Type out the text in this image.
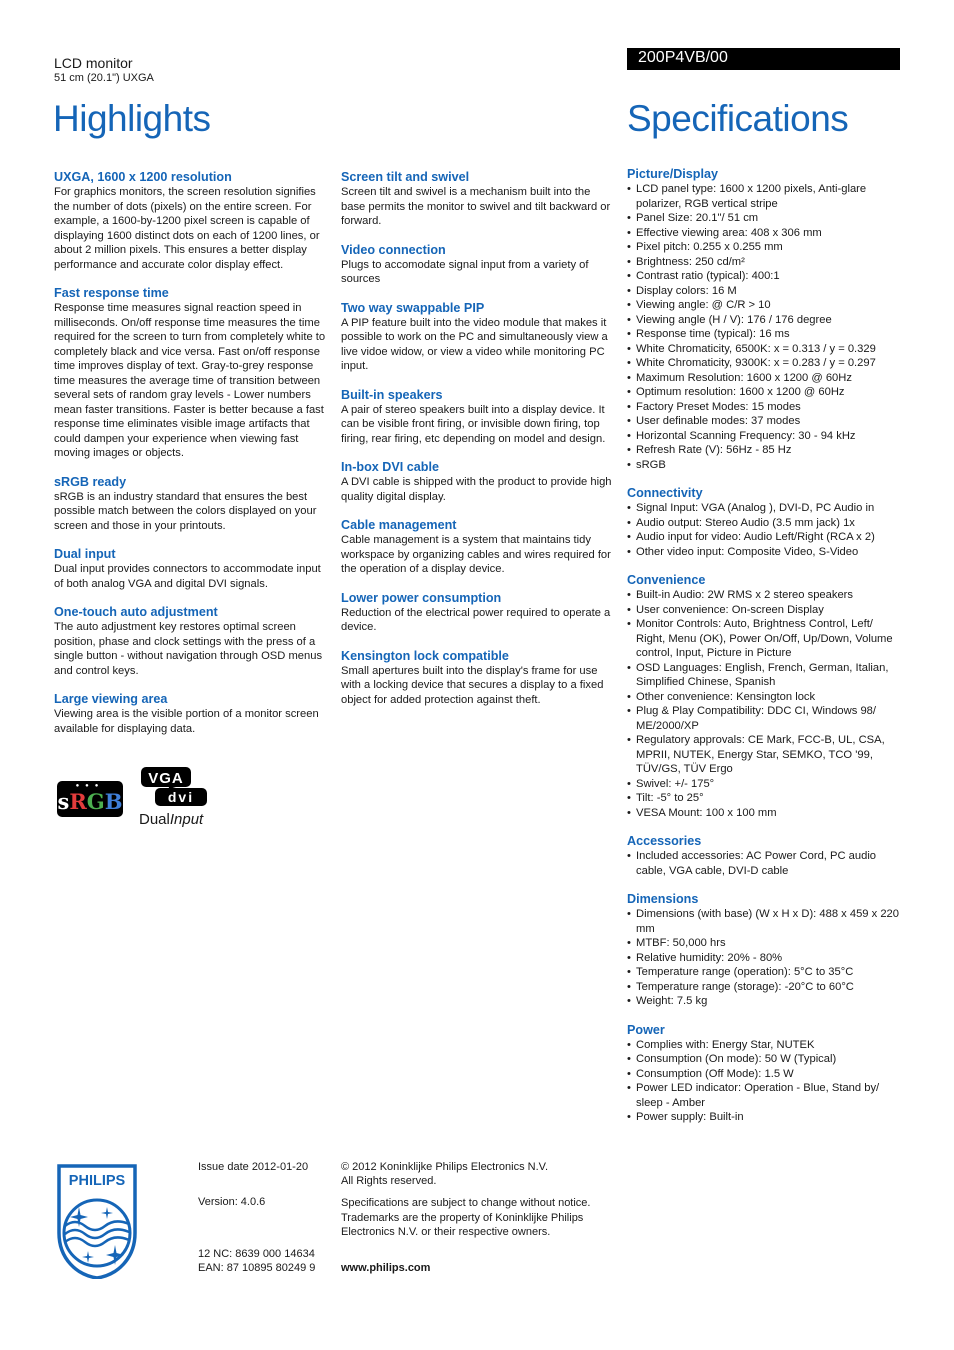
LCD monitor
51 cm (20.1") UXGA
200P4VB/00
Highlights	Specifications
UXGA, 1600 x 1200 resolution

For graphics monitors, the screen resolution signifies the number of dots (pixels) on the entire screen. For example, a 1600-by-1200 pixel screen is capable of displaying 1600 distinct dots on each of 1200 lines, or about 2 million pixels. This ensures a better display performance and accurate color display effect.

Fast response time

Response time measures signal reaction speed in milliseconds. On/off response time measures the time required for the screen to turn from completely white to completely black and vice versa. Fast on/off response time improves display of text. Gray-to-grey response time measures the average time of transition between several sets of random gray levels - Lower numbers mean faster transitions. Faster is better because a fast response time eliminates visible image artifacts that could dampen your experience when viewing fast moving images or objects.

sRGB ready

sRGB is an industry standard that ensures the best possible match between the colors displayed on your screen and those in your printouts.

Dual input

Dual input provides connectors to accommodate input of both analog VGA and digital DVI signals.

One-touch auto adjustment

The auto adjustment key restores optimal screen position, phase and clock settings with the press of a single button - without navigation through OSD menus and control keys.

Large viewing area

Viewing area is the visible portion of a monitor screen available for displaying data.

Screen tilt and swivel

Screen tilt and swivel is a mechanism built into the base permits the monitor to swivel and tilt backward or forward.

Video connection

Plugs to accomodate signal input from a variety of sources

Two way swappable PIP

A PIP feature built into the video module that makes it possible to work on the PC and simultaneously view a live vidoe widow, or view a video while monitoring PC input.

Built-in speakers

A pair of stereo speakers built into a display device. It can be visible front firing, or invisible down firing, top firing, rear firing, etc depending on model and design.

In-box DVI cable

A DVI cable is shipped with the product to provide high quality digital display.

Cable management

Cable management is a system that maintains tidy workspace by organizing cables and wires required for the operation of a display device.

Lower power consumption

Reduction of the electrical power required to operate a device.

Kensington lock compatible

Small apertures built into the display's frame for use with a locking device that secures a display to a fixed object for added protection against theft.

Picture/Display
• LCD panel type: 1600 x 1200 pixels, Anti-glare polarizer, RGB vertical stripe
• Panel Size: 20.1"/ 51 cm
• Effective viewing area: 408 x 306 mm
• Pixel pitch: 0.255 x 0.255 mm
• Brightness: 250 cd/m²
• Contrast ratio (typical): 400:1
• Display colors: 16 M
• Viewing angle: @ C/R > 10
• Viewing angle (H / V): 176 / 176 degree
• Response time (typical): 16 ms
• White Chromaticity, 6500K: x = 0.313 / y = 0.329
• White Chromaticity, 9300K: x = 0.283 / y = 0.297
• Maximum Resolution: 1600 x 1200 @ 60Hz
• Optimum resolution: 1600 x 1200 @ 60Hz
• Factory Preset Modes: 15 modes
• User definable modes: 37 modes
• Horizontal Scanning Frequency: 30 - 94 kHz
• Refresh Rate (V): 56Hz - 85 Hz
• sRGB
Connectivity
• Signal Input: VGA (Analog ), DVI-D, PC Audio in
• Audio output: Stereo Audio (3.5 mm jack) 1x
• Audio input for video: Audio Left/Right (RCA x 2)
• Other video input: Composite Video, S-Video
Convenience
• Built-in Audio: 2W RMS x 2 stereo speakers
• User convenience: On-screen Display
• Monitor Controls: Auto, Brightness Control, Left/ Right, Menu (OK), Power On/Off, Up/Down, Volume control, Input, Picture in Picture
• OSD Languages: English, French, German, Italian, Simplified Chinese, Spanish
• Other convenience: Kensington lock
• Plug & Play Compatibility: DDC CI, Windows 98/ ME/2000/XP
• Regulatory approvals: CE Mark, FCC-B, UL, CSA, MPRII, NUTEK, Energy Star, SEMKO, TCO '99, TÜV/GS, TÜV Ergo
• Swivel: +/- 175°
• Tilt: -5° to 25°
• VESA Mount: 100 x 100 mm
Accessories
• Included accessories: AC Power Cord, PC audio cable, VGA cable, DVI-D cable
Dimensions
• Dimensions (with base) (W x H x D): 488 x 459 x 220 mm
• MTBF: 50,000 hrs
• Relative humidity: 20% - 80%
• Temperature range (operation): 5°C to 35°C
• Temperature range (storage): -20°C to 60°C
• Weight: 7.5 kg
Power
• Complies with: Energy Star, NUTEK
• Consumption (On mode): 50 W (Typical)
• Consumption (Off Mode): 1.5 W
• Power LED indicator: Operation - Blue, Stand by/ sleep - Amber
• Power supply: Built-in
●●●
sRGB
VGA
dvi
DualInput
PHILIPS
Issue date 2012-01-20
Version: 4.0.6
12 NC: 8639 000 14634
EAN: 87 10895 80249 9
© 2012 Koninklijke Philips Electronics N.V.
All Rights reserved.
Specifications are subject to change without notice. Trademarks are the property of Koninklijke Philips Electronics N.V. or their respective owners.
www.philips.com
